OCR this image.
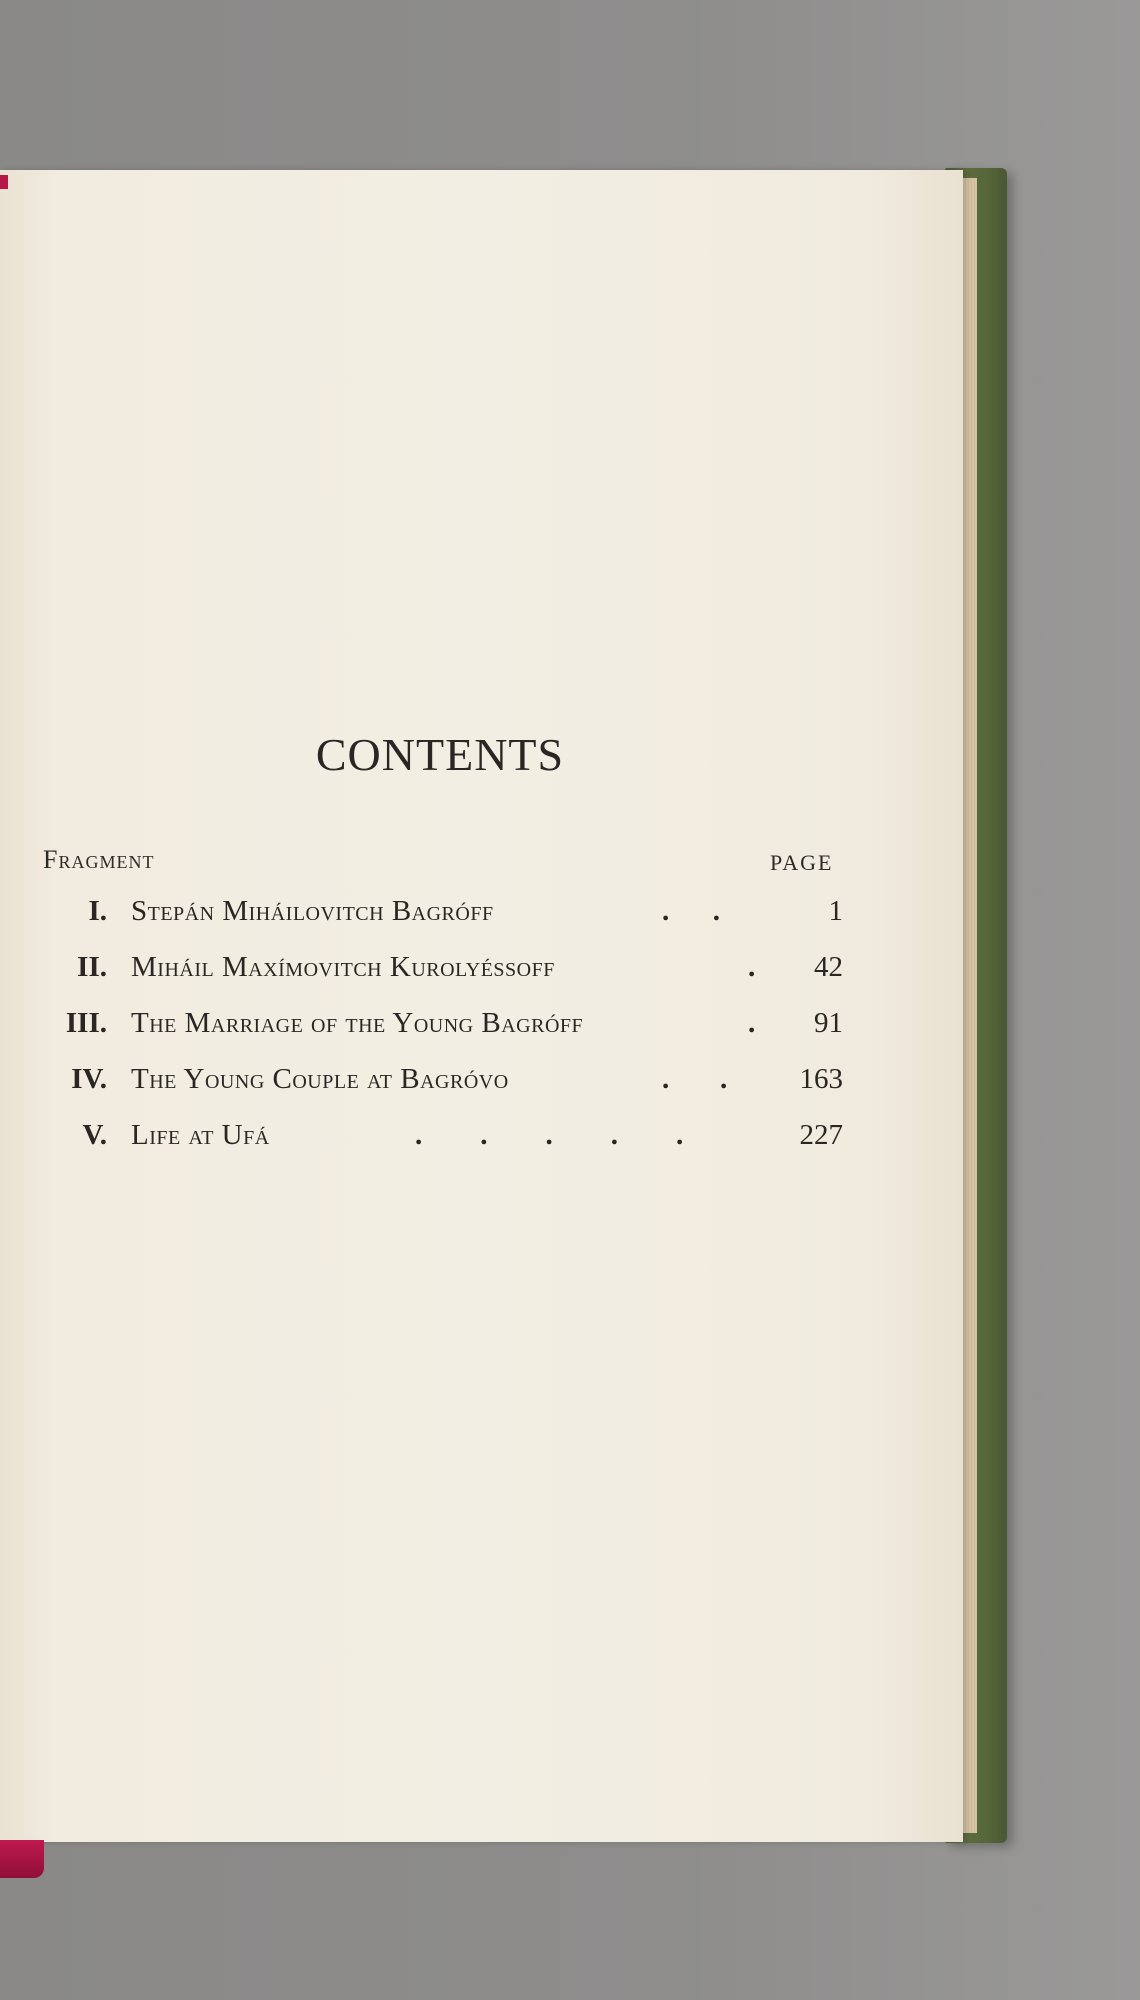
CONTENTS
Fragment	PAGE
I. Stepán Miháilovitch Bagróff	.      .	1
II. Miháil Maxímovitch Kurolyéssoff	. 42
III. The Marriage of the Young Bagróff	. 91
IV. The Young Couple at Bagróvo	.       . 163
V. Life at Ufá	.        .        .        .        .	227
